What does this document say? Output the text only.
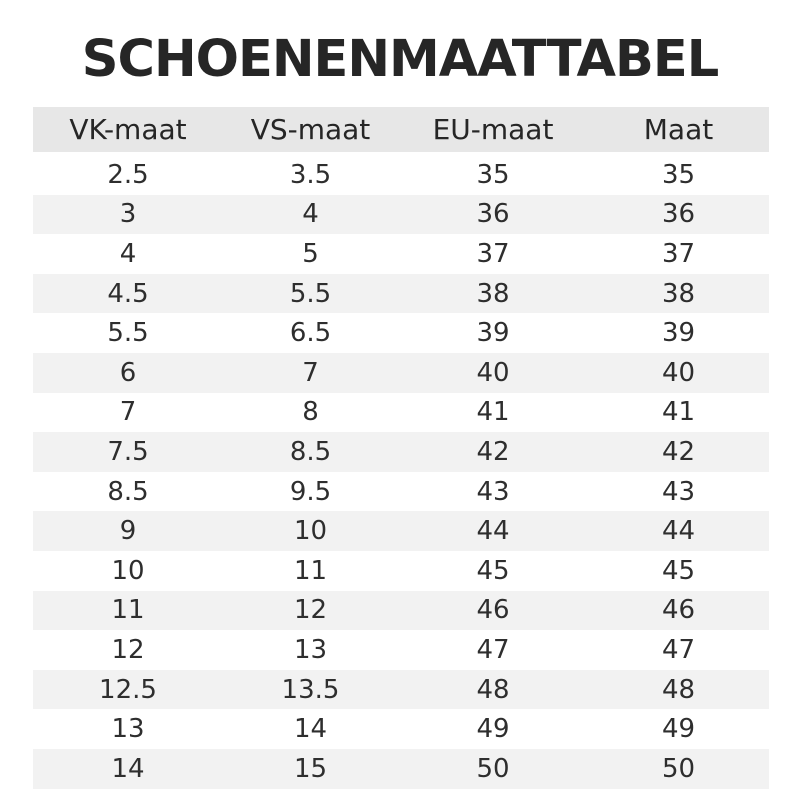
SCHOENENMAATTABEL
VK-maat	VS-maat	EU-maat	Maat
2.5	3.5	35	35
3	4	36	36
4	5	37	37
4.5	5.5	38	38
5.5	6.5	39	39
6	7	40	40
7	8	41	41
7.5	8.5	42	42
8.5	9.5	43	43
9	10	44	44
10	11	45	45
11	12	46	46
12	13	47	47
12.5	13.5	48	48
13	14	49	49
14	15	50	50
